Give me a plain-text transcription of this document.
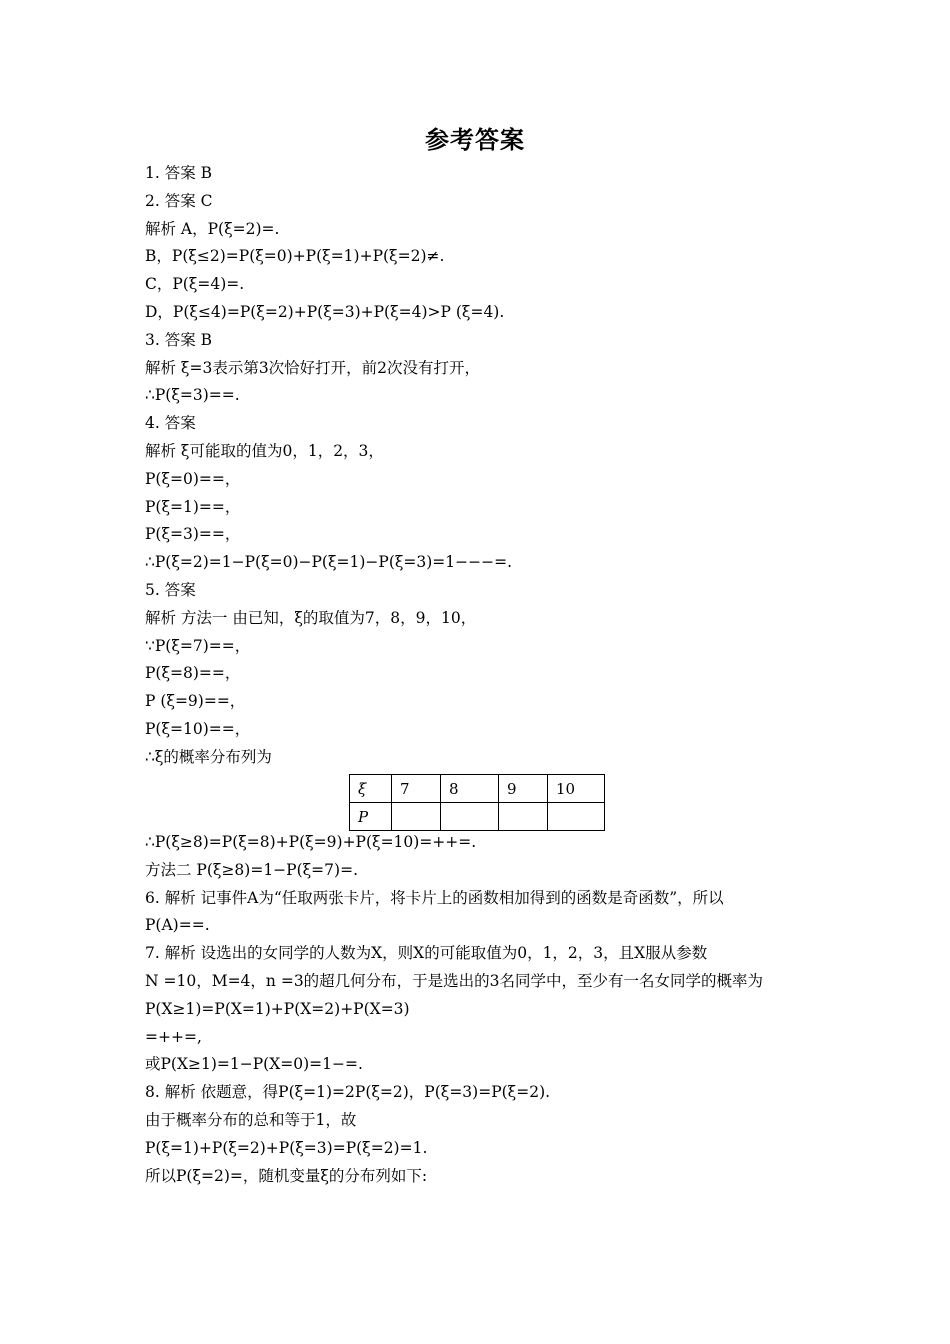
参考答案
1. 答案 B
2. 答案 C
解析 A，P(ξ=2)=.
B，P(ξ≤2)=P(ξ=0)+P(ξ=1)+P(ξ=2)≠.
C，P(ξ=4)=.
D，P(ξ≤4)=P(ξ=2)+P(ξ=3)+P(ξ=4)>P (ξ=4).
3. 答案 B
解析 ξ=3表示第3次恰好打开，前2次没有打开，
∴P(ξ=3)==.
4. 答案
解析 ξ可能取的值为0，1，2，3，
P(ξ=0)==，
P(ξ=1)==，
P(ξ=3)==，
∴P(ξ=2)=1−P(ξ=0)−P(ξ=1)−P(ξ=3)=1−−−=.
5. 答案
解析 方法一 由已知，ξ的取值为7，8，9，10，
∵P(ξ=7)==，
P(ξ=8)==，
P (ξ=9)==，
P(ξ=10)==，
∴ξ的概率分布列为
ξ	7	8	9	10
P				
∴P(ξ≥8)=P(ξ=8)+P(ξ=9)+P(ξ=10)=++=.
方法二 P(ξ≥8)=1−P(ξ=7)=.
6. 解析 记事件A为“任取两张卡片，将卡片上的函数相加得到的函数是奇函数”，所以
P(A)==.
7. 解析 设选出的女同学的人数为X，则X的可能取值为0，1，2，3，且X服从参数
N =10，M=4，n =3的超几何分布，于是选出的3名同学中，至少有一名女同学的概率为
P(X≥1)=P(X=1)+P(X=2)+P(X=3)
=++=,
或P(X≥1)=1−P(X=0)=1−=.
8. 解析 依题意，得P(ξ=1)=2P(ξ=2)，P(ξ=3)=P(ξ=2).
由于概率分布的总和等于1，故
P(ξ=1)+P(ξ=2)+P(ξ=3)=P(ξ=2)=1.
所以P(ξ=2)=，随机变量ξ的分布列如下:
